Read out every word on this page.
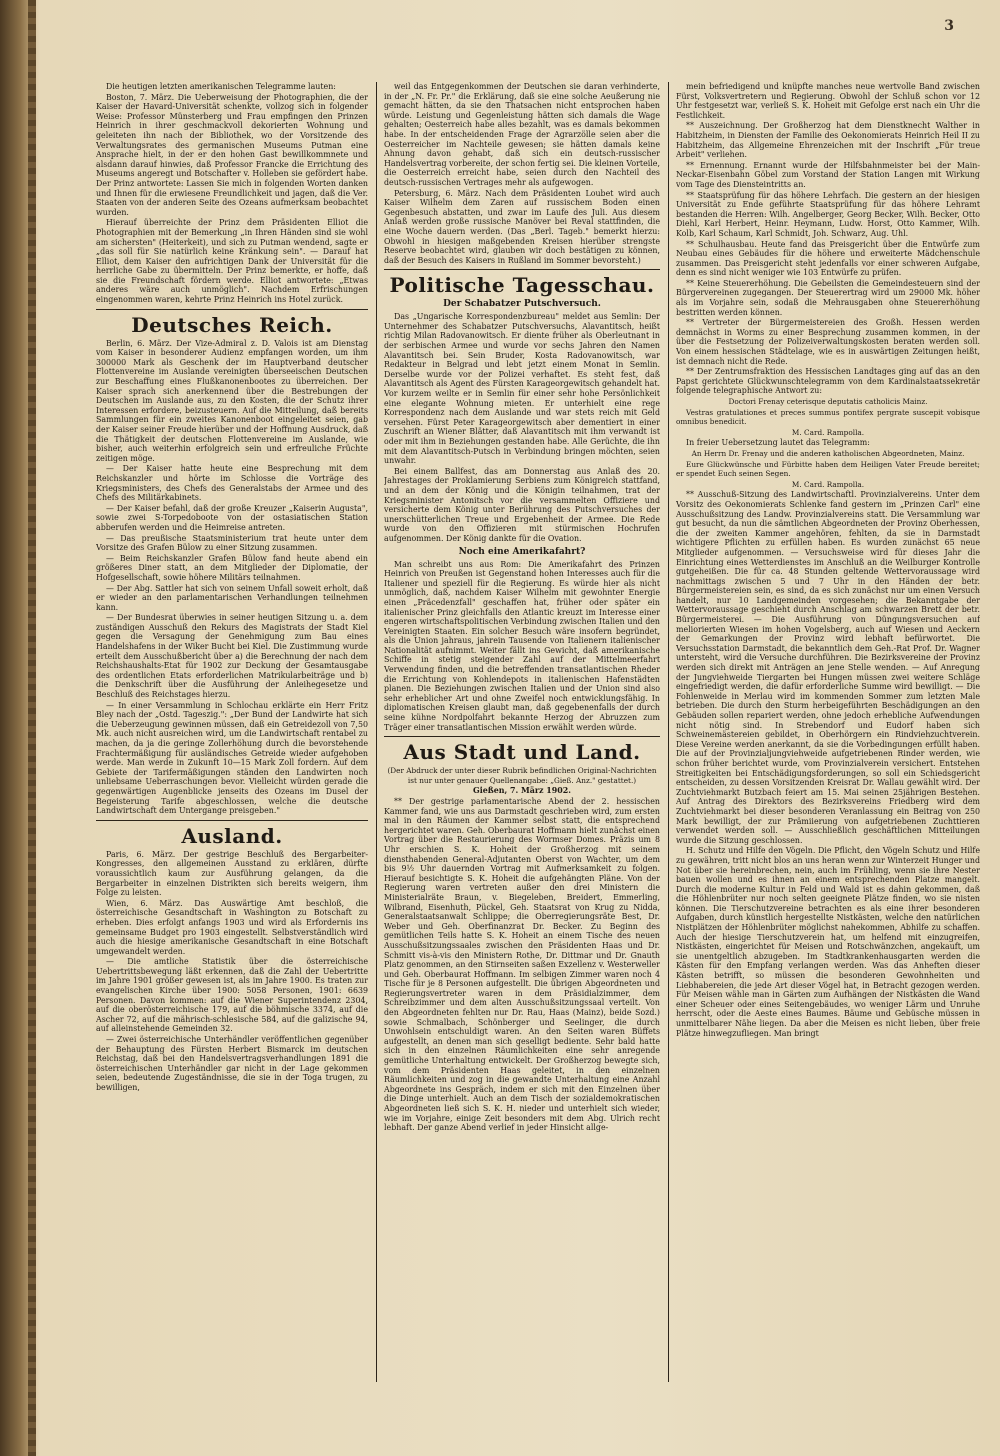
3

Die heutigen letzten amerikanischen Telegramme lauten:

Boston, 7. März. Die Ueberweisung der Photographien, die der Kaiser der Havard-Universität schenkte, vollzog sich in folgender Weise: Professor Münsterberg und Frau empfingen den Prinzen Heinrich in ihrer geschmackvoll dekorierten Wohnung und geleiteten ihn nach der Bibliothek, wo der Vorsitzende des Verwaltungsrates des germanischen Museums Putman eine Ansprache hielt, in der er den hohen Gast bewillkommnete und alsdann darauf hinwies, daß Professor Francke die Errichtung des Museums angeregt und Botschafter v. Holleben sie gefördert habe. Der Prinz antwortete: Lassen Sie mich in folgenden Worten danken und Ihnen für die erwiesene Freundlichkeit und jagen, daß die Ver. Staaten von der anderen Seite des Ozeans aufmerksam beobachtet wurden.

Hierauf überreichte der Prinz dem Präsidenten Elliot die Photographien mit der Bemerkung „in Ihren Händen sind sie wohl am sichersten" (Heiterkeit), und sich zu Putman wendend, sagte er „das soll für Sie natürlich keine Kränkung sein". — Darauf hat Elliot, dem Kaiser den aufrichtigen Dank der Universität für die herrliche Gabe zu übermitteln. Der Prinz bemerkte, er hoffe, daß sie die Freundschaft fördern werde. Elliot antwortete: „Etwas anderes wäre auch unmöglich". Nachdem Erfrischungen eingenommen waren, kehrte Prinz Heinrich ins Hotel zurück.

Deutsches Reich.

Berlin, 6. März. Der Vize-Admiral z. D. Valois ist am Dienstag vom Kaiser in besonderer Audienz empfangen worden, um ihm 300000 Mark als Geschenk der im Hauptverband deutscher Flottenvereine im Auslande vereinigten überseeischen Deutschen zur Beschaffung eines Flußkanonenbootes zu überreichen. Der Kaiser sprach sich anerkennend über die Bestrebungen der Deutschen im Auslande aus, zu den Kosten, die der Schutz ihrer Interessen erfordere, beizusteuern. Auf die Mitteilung, daß bereits Sammlungen für ein zweites Kanonenboot eingeleitet seien, gab der Kaiser seiner Freude hierüber und der Hoffnung Ausdruck, daß die Thätigkeit der deutschen Flottenvereine im Auslande, wie bisher, auch weiterhin erfolgreich sein und erfreuliche Früchte zeitigen möge.

— Der Kaiser hatte heute eine Besprechung mit dem Reichskanzler und hörte im Schlosse die Vorträge des Kriegsministers, des Chefs des Generalstabs der Armee und des Chefs des Militärkabinets.

— Der Kaiser befahl, daß der große Kreuzer „Kaiserin Augusta", sowie zwei S-Torpedoboote von der ostasiatischen Station abberufen werden und die Heimreise antreten.

— Das preußische Staatsministerium trat heute unter dem Vorsitze des Grafen Bülow zu einer Sitzung zusammen.

— Beim Reichskanzler Grafen Bülow fand heute abend ein größeres Diner statt, an dem Mitglieder der Diplomatie, der Hofgesellschaft, sowie höhere Militärs teilnahmen.

— Der Abg. Sattler hat sich von seinem Unfall soweit erholt, daß er wieder an den parlamentarischen Verhandlungen teilnehmen kann.

— Der Bundesrat überwies in seiner heutigen Sitzung u. a. dem zuständigen Ausschuß den Rekurs des Magistrats der Stadt Kiel gegen die Versagung der Genehmigung zum Bau eines Handelshafens in der Wiker Bucht bei Kiel. Die Zustimmung wurde erteilt dem Ausschußbericht über a) die Berechnung der nach dem Reichshaushalts-Etat für 1902 zur Deckung der Gesamtausgabe des ordentlichen Etats erforderlichen Matrikularbeiträge und b) die Denkschrift über die Ausführung der Anleihegesetze und Beschluß des Reichstages hierzu.

— In einer Versammlung in Schlochau erklärte ein Herr Fritz Bley nach der „Ostd. Tageszig.": „Der Bund der Landwirte hat sich die Ueberzeugung gewinnen müssen, daß ein Getreidezoll von 7,50 Mk. auch nicht ausreichen wird, um die Landwirtschaft rentabel zu machen, da ja die geringe Zollerhöhung durch die bevorstehende Frachtermäßigung für ausländisches Getreide wieder aufgehoben werde. Man werde in Zukunft 10—15 Mark Zoll fordern. Auf dem Gebiete der Tarifermäßigungen ständen den Landwirten noch unliebsame Ueberraschungen bevor. Vielleicht würden gerade die gegenwärtigen Augenblicke jenseits des Ozeans im Dusel der Begeisterung Tarife abgeschlossen, welche die deutsche Landwirtschaft dem Untergange preisgeben."

Ausland.

Paris, 6. März. Der gestrige Beschluß des Bergarbeiter-Kongresses, den allgemeinen Ausstand zu erklären, dürfte voraussichtlich kaum zur Ausführung gelangen, da die Bergarbeiter in einzelnen Distrikten sich bereits weigern, ihm Folge zu leisten.

Wien, 6. März. Das Auswärtige Amt beschloß, die österreichische Gesandtschaft in Washington zu Botschaft zu erheben. Dies erfolgt anfangs 1903 und wird als Erfordernis ins gemeinsame Budget pro 1903 eingestellt. Selbstverständlich wird auch die hiesige amerikanische Gesandtschaft in eine Botschaft umgewandelt werden.

— Die amtliche Statistik über die österreichische Uebertrittsbewegung läßt erkennen, daß die Zahl der Uebertritte im Jahre 1901 größer gewesen ist, als im Jahre 1900. Es traten zur evangelischen Kirche über 1900: 5058 Personen, 1901: 6639 Personen. Davon kommen: auf die Wiener Superintendenz 2304, auf die oberösterreichische 179, auf die böhmische 3374, auf die Ascher 72, auf die mährisch-schlesische 584, auf die galizische 94, auf alleinstehende Gemeinden 32.

— Zwei österreichische Unterhändler veröffentlichen gegenüber der Behauptung des Fürsten Herbert Bismarck im deutschen Reichstag, daß bei den Handelsvertragsverhandlungen 1891 die österreichischen Unterhändler gar nicht in der Lage gekommen seien, bedeutende Zugeständnisse, die sie in der Toga trugen, zu bewilligen,

weil das Entgegenkommen der Deutschen sie daran verhinderte, in der „N. Fr. Pr." die Erklärung, daß sie eine solche Aeußerung nie gemacht hätten, da sie den Thatsachen nicht entsprochen haben würde. Leistung und Gegenleistung hätten sich damals die Wage gehalten; Oesterreich habe alles bezahlt, was es damals bekommen habe. In der entscheidenden Frage der Agrarzölle seien aber die Oesterreicher im Nachteile gewesen; sie hätten damals keine Ahnung davon gehabt, daß sich ein deutsch-russischer Handelsvertrag vorbereite, der schon fertig sei. Die kleinen Vorteile, die Oesterreich erreicht habe, seien durch den Nachteil des deutsch-russischen Vertrages mehr als aufgewogen.

Petersburg, 6. März. Nach dem Präsidenten Loubet wird auch Kaiser Wilhelm dem Zaren auf russischem Boden einen Gegenbesuch abstatten, und zwar im Laufe des Juli. Aus diesem Anlaß werden große russische Manöver bei Reval stattfinden, die eine Woche dauern werden. (Das „Berl. Tageb." bemerkt hierzu: Obwohl in hiesigen maßgebenden Kreisen hierüber strengste Reserve beobachtet wird, glauben wir doch bestätigen zu können, daß der Besuch des Kaisers in Rußland im Sommer bevorsteht.)

Politische Tagesschau.
Der Schabatzer Putschversuch.

Das „Ungarische Korrespondenzbureau" meldet aus Semlin: Der Unternehmer des Schabatzer Putschversuchs, Alavantitsch, heißt richtig Milan Radovanowitsch. Er diente früher als Oberleutnant in der serbischen Armee und wurde vor sechs Jahren den Namen Alavantitsch bei. Sein Bruder, Kosta Radovanowitsch, war Redakteur in Belgrad und lebt jetzt einem Monat in Semlin. Derselbe wurde vor der Polizei verhaftet. Es steht fest, daß Alavantitsch als Agent des Fürsten Karageorgewitsch gehandelt hat. Vor kurzem weilte er in Semlin für einer sehr hohe Persönlichkeit eine elegante Wohnung mieten. Er unterhielt eine rege Korrespondenz nach dem Auslande und war stets reich mit Geld versehen. Fürst Peter Karageorgewitsch aber dementiert in einer Zuschrift an Wiener Blätter, daß Alavantitsch mit ihm verwandt ist oder mit ihm in Beziehungen gestanden habe. Alle Gerüchte, die ihn mit dem Alavantitsch-Putsch in Verbindung bringen möchten, seien unwahr.

Bei einem Ballfest, das am Donnerstag aus Anlaß des 20. Jahrestages der Proklamierung Serbiens zum Königreich stattfand, und an dem der König und die Königin teilnahmen, trat der Kriegsminister Antonitsch vor die versammelten Offiziere und versicherte dem König unter Berührung des Putschversuches der unerschütterlichen Treue und Ergebenheit der Armee. Die Rede wurde von den Offizieren mit stürmischen Hochrufen aufgenommen. Der König dankte für die Ovation.

Noch eine Amerikafahrt?

Man schreibt uns aus Rom: Die Amerikafahrt des Prinzen Heinrich von Preußen ist Gegenstand hohen Interesses auch für die Italiener und speziell für die Regierung. Es würde hier als nicht unmöglich, daß, nachdem Kaiser Wilhelm mit gewohnter Energie einen „Präcedenzfall" geschaffen hat, früher oder später ein italienischer Prinz gleichfalls den Atlantic kreuzt im Interesse einer engeren wirtschaftspolitischen Verbindung zwischen Italien und den Vereinigten Staaten. Ein solcher Besuch wäre insofern begründet, als die Union jahraus, jahrein Tausende von Italienern italienischer Nationalität aufnimmt. Weiter fällt ins Gewicht, daß amerikanische Schiffe in stetig steigender Zahl auf der Mittelmeerfahrt Verwendung finden, und die betreffenden transatlantischen Rheder die Errichtung von Kohlendepots in italienischen Hafenstädten planen. Die Beziehungen zwischen Italien und der Union sind also sehr erheblicher Art und ohne Zweifel noch entwicklungsfähig. In diplomatischen Kreisen glaubt man, daß gegebenenfalls der durch seine kühne Nordpolfahrt bekannte Herzog der Abruzzen zum Träger einer transatlantischen Mission erwählt werden würde.

Aus Stadt und Land.

(Der Abdruck der unter dieser Rubrik befindlichen Original-Nachrichten ist nur unter genauer Quellenangabe: „Gieß. Anz." gestattet.)

Gießen, 7. März 1902.

** Der gestrige parlamentarische Abend der 2. hessischen Kammer fand, wie uns aus Darmstadt geschrieben wird, zum ersten mal in den Räumen der Kammer selbst statt, die entsprechend hergerichtet waren. Geh. Oberbaurat Hoffmann hielt zunächst einen Vortrag über die Restaurierung des Wormser Domes. Präzis um 8 Uhr erschien S. K. Hoheit der Großherzog mit seinem diensthabenden General-Adjutanten Oberst von Wachter, um dem bis 9½ Uhr dauernden Vortrag mit Aufmerksamkeit zu folgen. Hierauf besichtigte S. K. Hoheit die aufgehängten Pläne. Von der Regierung waren vertreten außer den drei Ministern die Ministerialräte Braun, v. Biegeleben, Breidert, Emmerling, Wilbrand, Eisenhuth, Pückel, Geh. Staatsrat von Krug zu Nidda, Generalstaatsanwalt Schlippe; die Oberregierungsräte Best, Dr. Weber und Geh. Oberfinanzrat Dr. Becker. Zu Beginn des gemütlichen Teils hatte S. K. Hoheit an einem Tische des neuen Ausschußsitzungssaales zwischen den Präsidenten Haas und Dr. Schmitt vis-à-vis den Ministern Rothe, Dr. Dittmar und Dr. Gnauth Platz genommen, an den Stirnseiten saßen Exzellenz v. Westerweller und Geh. Oberbaurat Hoffmann. Im selbigen Zimmer waren noch 4 Tische für je 8 Personen aufgestellt. Die übrigen Abgeordneten und Regierungsvertreter waren in dem Präsidialzimmer, dem Schreibzimmer und dem alten Ausschußsitzungssaal verteilt. Von den Abgeordneten fehlten nur Dr. Rau, Haas (Mainz), beide Sozd.) sowie Schmalbach, Schönberger und Seelinger, die durch Unwohlsein entschuldigt waren. An den Seiten waren Büffets aufgestellt, an denen man sich geselligt bediente. Sehr bald hatte sich in den einzelnen Räumlichkeiten eine sehr anregende gemütliche Unterhaltung entwickelt. Der Großherzog bewegte sich, vom dem Präsidenten Haas geleitet, in den einzelnen Räumlichkeiten und zog in die gewandte Unterhaltung eine Anzahl Abgeordnete ins Gespräch, indem er sich mit den Einzelnen über die Dinge unterhielt. Auch an dem Tisch der sozialdemokratischen Abgeordneten ließ sich S. K. H. nieder und unterhielt sich wieder, wie im Vorjahre, einige Zeit besonders mit dem Abg. Ulrich recht lebhaft. Der ganze Abend verlief in jeder Hinsicht allge-

mein befriedigend und knüpfte manches neue wertvolle Band zwischen Fürst, Volksvertretern und Regierung. Obwohl der Schluß schon vor 12 Uhr festgesetzt war, verließ S. K. Hoheit mit Gefolge erst nach ein Uhr die Festlichkeit.

** Auszeichnung. Der Großherzog hat dem Dienstknecht Walther in Habitzheim, in Diensten der Familie des Oekonomierats Heinrich Heil II zu Habitzheim, das Allgemeine Ehrenzeichen mit der Inschrift „Für treue Arbeit" verliehen.

** Ernennung. Ernannt wurde der Hilfsbahnmeister bei der Main-Neckar-Eisenbahn Göbel zum Vorstand der Station Langen mit Wirkung vom Tage des Diensteintritts an.

** Staatsprüfung für das höhere Lehrfach. Die gestern an der hiesigen Universität zu Ende geführte Staatsprüfung für das höhere Lehramt bestanden die Herren: Wilh. Angelberger, Georg Becker, Wilh. Becker, Otto Diehl, Karl Herbert, Heinr. Heymann, Ludw. Horst, Otto Kammer, Wilh. Kolb, Karl Schaum, Karl Schmidt, Joh. Schwarz, Aug. Uhl.

** Schulhausbau. Heute fand das Preisgericht über die Entwürfe zum Neubau eines Gebäudes für die höhere und erweiterte Mädchenschule zusammen. Das Preisgericht steht jedenfalls vor einer schweren Aufgabe, denn es sind nicht weniger wie 103 Entwürfe zu prüfen.

** Keine Steuererhöhung. Die Gebeilsten die Gemeindesteuern sind der Bürgervereinen zugegangen. Der Steuerertrag wird um 29000 Mk. höher als im Vorjahre sein, sodaß die Mehrausgaben ohne Steuererhöhung bestritten werden können.

** Vertreter der Bürgermeistereien des Großh. Hessen werden demnächst in Worms zu einer Besprechung zusammen kommen, in der über die Festsetzung der Polizeiverwaltungskosten beraten werden soll. Von einem hessischen Städtelage, wie es in auswärtigen Zeitungen heißt, ist demnach nicht die Rede.

** Der Zentrumsfraktion des Hessischen Landtages ging auf das an den Papst gerichtete Glückwunschtelegramm von dem Kardinalstaatssekretär folgende telegraphische Antwort zu:

Doctori Frenay ceterisque deputatis catholicis Mainz.

Vestras gratulationes et preces summus pontifex pergrate suscepit vobisque omnibus benedicit.

M. Card. Rampolla.

In freier Uebersetzung lautet das Telegramm:

An Herrn Dr. Frenay und die anderen katholischen Abgeordneten, Mainz.

Eure Glückwünsche und Fürbitte haben dem Heiligen Vater Freude bereitet; er spendet Euch seinen Segen.

M. Card. Rampolla.

** Ausschuß-Sitzung des Landwirtschaftl. Provinzialvereins. Unter dem Vorsitz des Oekonomierats Schlenke fand gestern im „Prinzen Carl" eine Ausschußsitzung des Landw. Provinzialvereins statt. Die Versammlung war gut besucht, da nun die sämtlichen Abgeordneten der Provinz Oberhessen, die der zweiten Kammer angehören, fehlten, da sie in Darmstadt wichtigere Pflichten zu erfüllen haben. Es wurden zunächst 65 neue Mitglieder aufgenommen. — Versuchsweise wird für dieses Jahr die Einrichtung eines Wetterdienstes im Anschluß an die Weilburger Kontrolle gutgeheißen. Die für ca. 48 Stunden geltende Wettervoraussage wird nachmittags zwischen 5 und 7 Uhr in den Händen der betr. Bürgermeistereien sein, es sind, da es sich zunächst nur um einen Versuch handelt, nur 10 Landgemeinden vorgesehen; die Bekanntgabe der Wettervoraussage geschieht durch Anschlag am schwarzen Brett der betr. Bürgermeisterei. — Die Ausführung von Düngungsversuchen auf meliorierten Wiesen im hohen Vogelsberg, auch auf Wiesen und Aeckern der Gemarkungen der Provinz wird lebhaft befürwortet. Die Versuchsstation Darmstadt, die bekanntlich dem Geh.-Rat Prof. Dr. Wagner untersteht, wird die Versuche durchführen. Die Bezirksvereine der Provinz werden sich direkt mit Anträgen an jene Stelle wenden. — Auf Anregung der Jungviehweide Tiergarten bei Hungen müssen zwei weitere Schläge eingefriedigt werden, die dafür erforderliche Summe wird bewilligt. — Die Fohlenweide in Merlau wird im kommenden Sommer zum letzten Male betrieben. Die durch den Sturm herbeigeführten Beschädigungen an den Gebäuden sollen repariert werden, ohne jedoch erhebliche Aufwendungen nicht nötig sind. In Strebendorf und Eudorf haben sich Schweinemästereien gebildet, in Oberhörgern ein Rindviehzuchtverein. Diese Vereine werden anerkannt, da sie die Vorbedingungen erfüllt haben. Die auf der Provinzialjungviehweide aufgetriebenen Rinder werden, wie schon früher berichtet wurde, vom Provinzialverein versichert. Entstehen Streitigkeiten bei Entschädigungsforderungen, so soll ein Schiedsgericht entscheiden, zu dessen Vorsitzenden Kreisrat Dr. Wallau gewählt wird. Der Zuchtviehmarkt Butzbach feiert am 15. Mai seinen 25jährigen Bestehen. Auf Antrag des Direktors des Bezirksvereins Friedberg wird dem Zuchtviehmarkt bei dieser besonderen Veranlassung ein Beitrag von 250 Mark bewilligt, der zur Prämiierung von aufgetriebenen Zuchttieren verwendet werden soll. — Ausschließlich geschäftlichen Mitteilungen wurde die Sitzung geschlossen.

H. Schutz und Hilfe den Vögeln. Die Pflicht, den Vögeln Schutz und Hilfe zu gewähren, tritt nicht blos an uns heran wenn zur Winterzeit Hunger und Not über sie hereinbrechen, nein, auch im Frühling, wenn sie ihre Nester bauen wollen und es ihnen an einem entsprechenden Platze mangelt. Durch die moderne Kultur in Feld und Wald ist es dahin gekommen, daß die Höhlenbrüter nur noch selten geeignete Plätze finden, wo sie nisten können. Die Tierschutzvereine betrachten es als eine ihrer besonderen Aufgaben, durch künstlich hergestellte Nistkästen, welche den natürlichen Nistplätzen der Höhlenbrüter möglichst nahekommen, Abhilfe zu schaffen. Auch der hiesige Tierschutzverein hat, um helfend mit einzugreifen, Nistkästen, eingerichtet für Meisen und Rotschwänzchen, angekauft, um sie unentgeltlich abzugeben. Im Stadtkrankenhausgarten werden die Kästen für den Empfang verlangen werden. Was das Anheften dieser Kästen betrifft, so müssen die besonderen Gewohnheiten und Liebhabereien, die jede Art dieser Vögel hat, in Betracht gezogen werden. Für Meisen wähle man in Gärten zum Aufhängen der Nistkästen die Wand einer Scheuer oder eines Seitengebäudes, wo weniger Lärm und Unruhe herrscht, oder die Aeste eines Baumes. Bäume und Gebüsche müssen in unmittelbarer Nähe liegen. Da aber die Meisen es nicht lieben, über freie Plätze hinwegzufliegen. Man bringt
